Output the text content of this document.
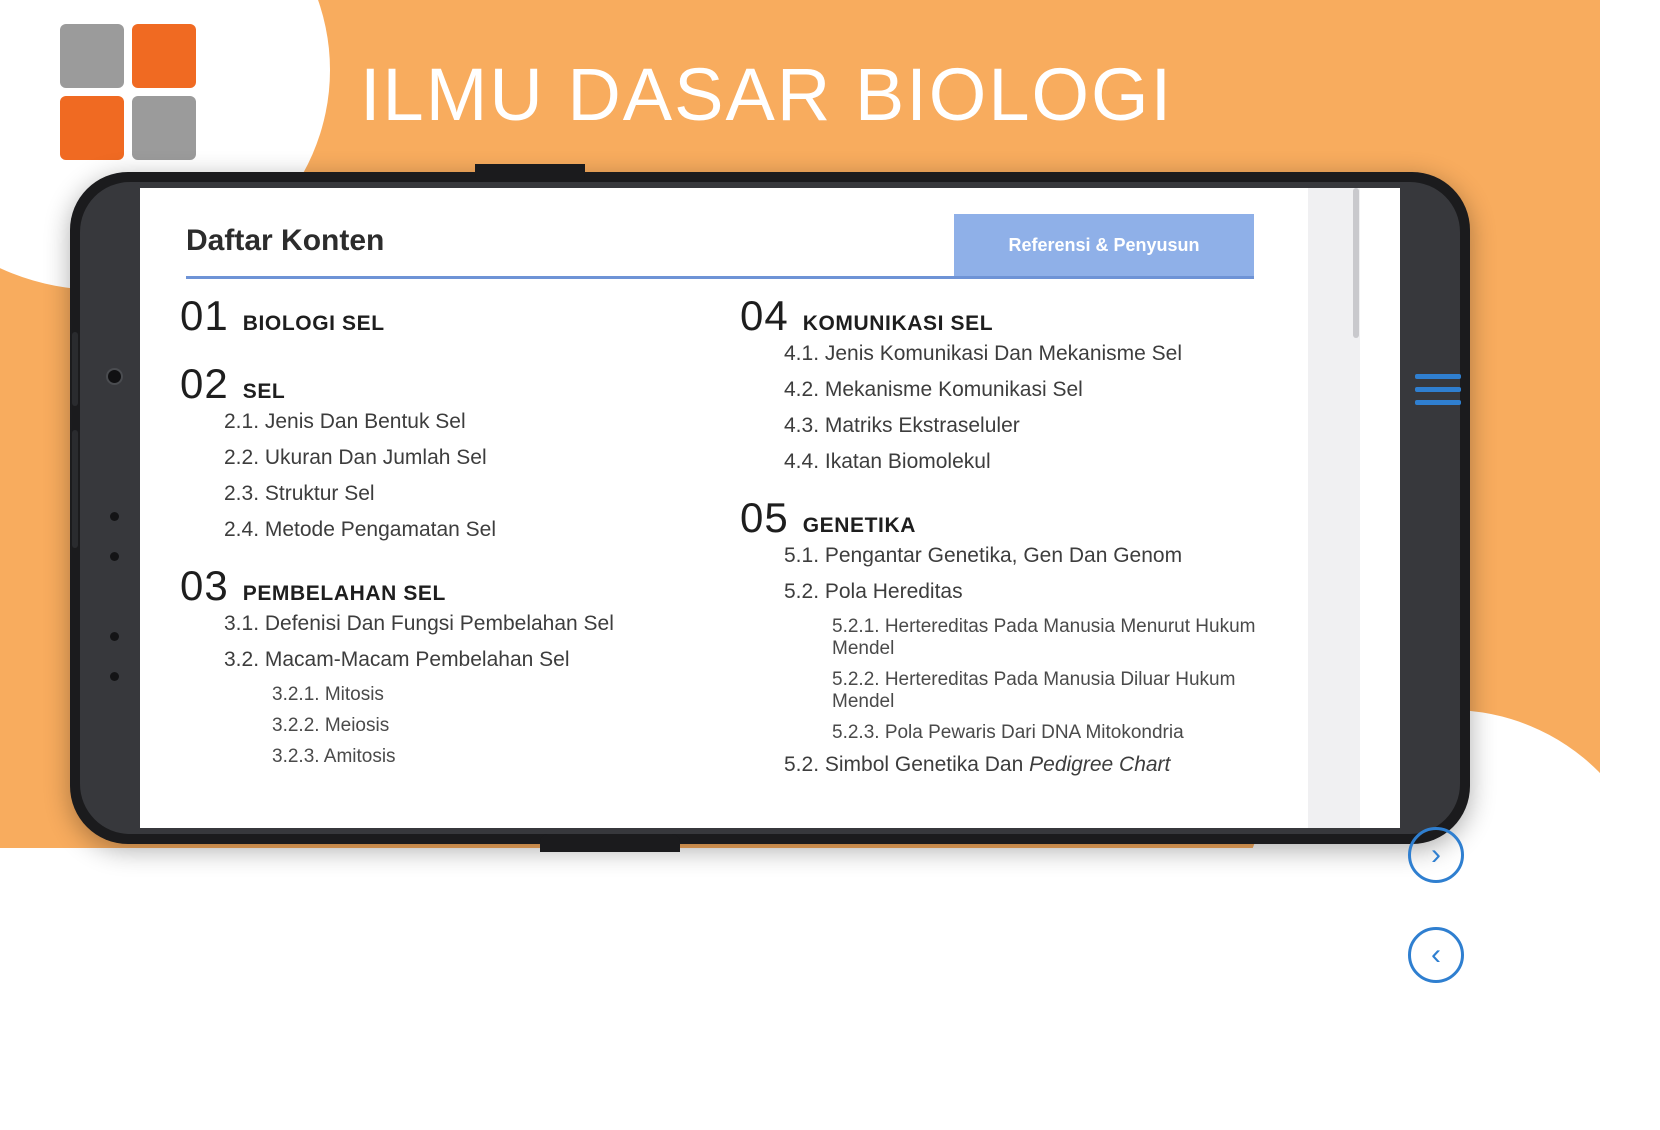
ILMU DASAR BIOLOGI
Daftar Konten	Referensi & Penyusun
01 BIOLOGI SEL
02 SEL
2.1. Jenis Dan Bentuk Sel
2.2. Ukuran Dan Jumlah Sel
2.3. Struktur Sel
2.4. Metode Pengamatan Sel
03 PEMBELAHAN SEL
3.1. Defenisi Dan Fungsi Pembelahan Sel
3.2. Macam-Macam Pembelahan Sel
3.2.1. Mitosis
3.2.2. Meiosis
3.2.3. Amitosis
04 KOMUNIKASI SEL
4.1. Jenis Komunikasi Dan Mekanisme Sel
4.2. Mekanisme Komunikasi Sel
4.3. Matriks Ekstraseluler
4.4. Ikatan Biomolekul
05 GENETIKA
5.1. Pengantar Genetika, Gen Dan Genom
5.2. Pola Hereditas
5.2.1. Hertereditas Pada Manusia Menurut Hukum Mendel
5.2.2. Hertereditas Pada Manusia Diluar Hukum Mendel
5.2.3. Pola Pewaris Dari DNA Mitokondria
5.2. Simbol Genetika Dan Pedigree Chart
›
‹
